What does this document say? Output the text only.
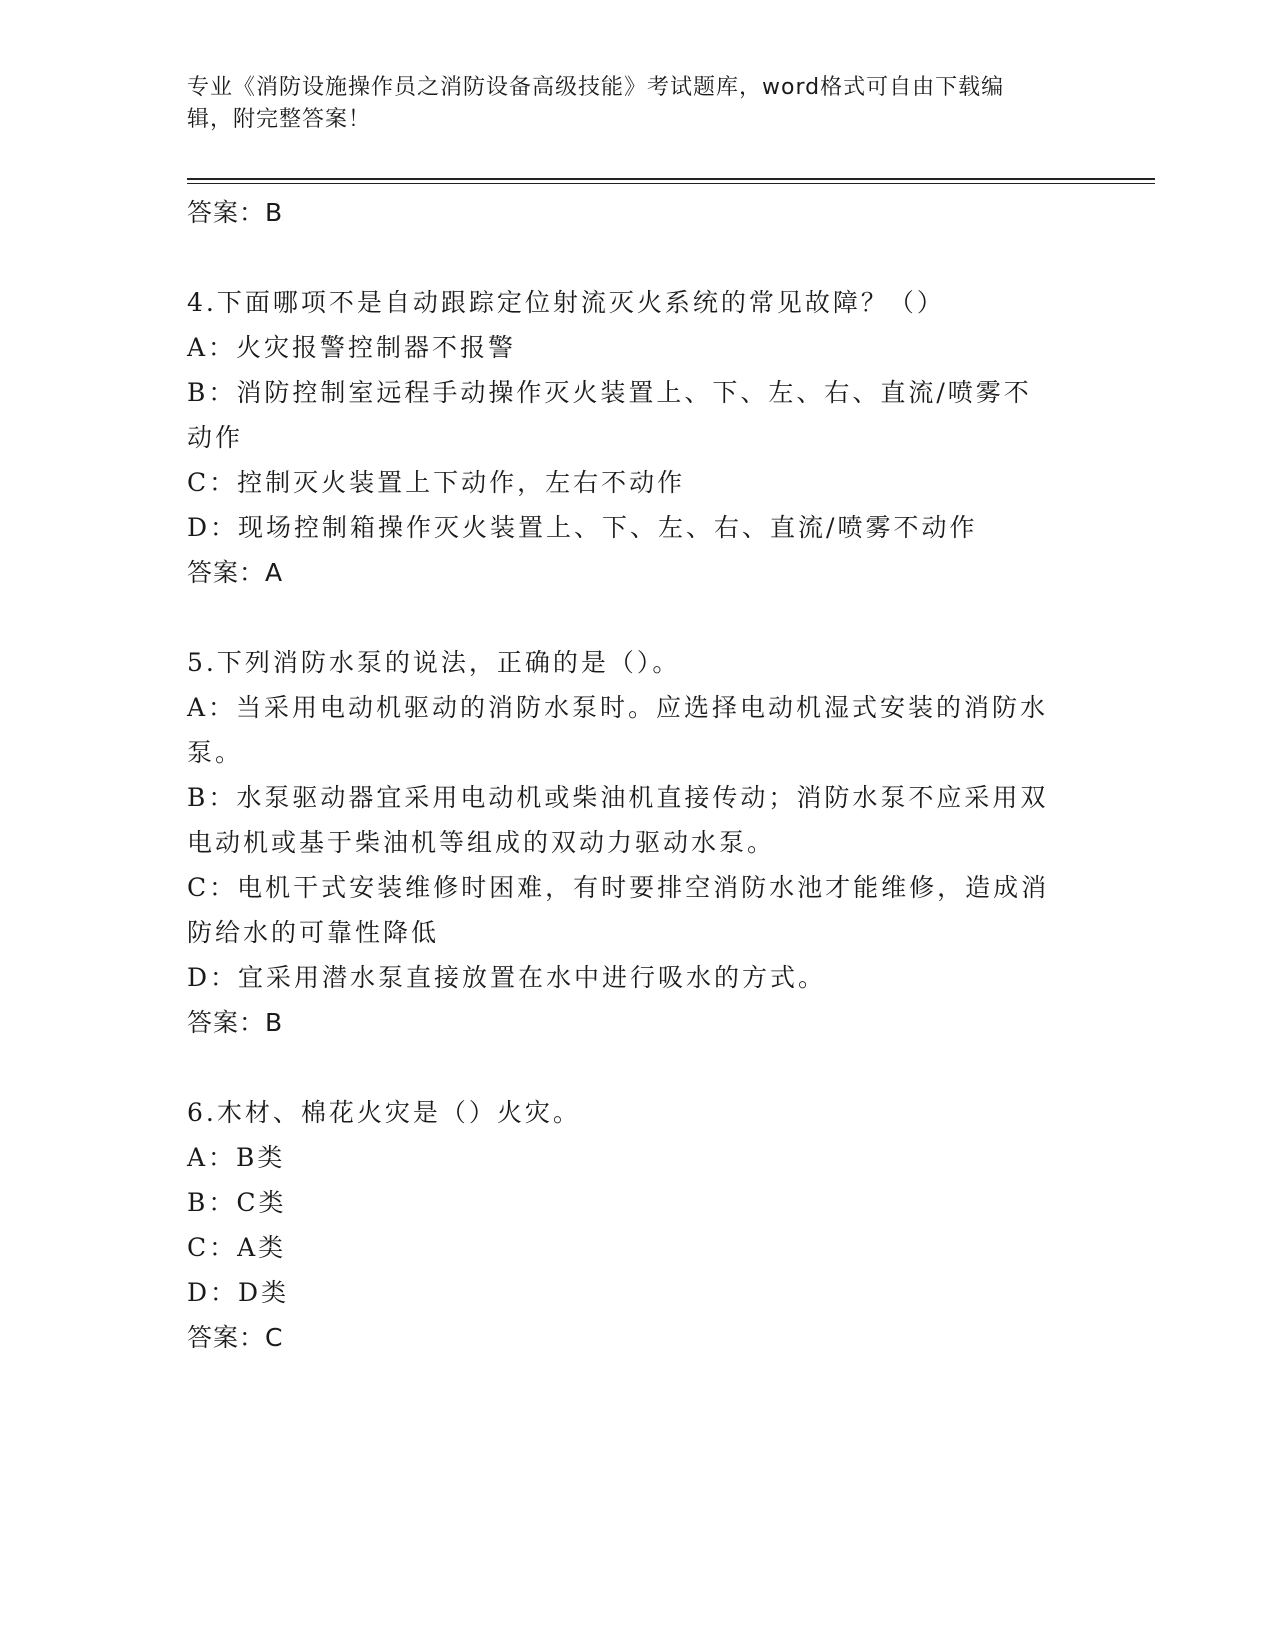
专业《消防设施操作员之消防设备高级技能》考试题库，word格式可自由下载编
辑，附完整答案！
答案：B
4.下面哪项不是自动跟踪定位射流灭火系统的常见故障？（）
A：火灾报警控制器不报警
B：消防控制室远程手动操作灭火装置上、下、左、右、直流/喷雾不
动作
C：控制灭火装置上下动作，左右不动作
D：现场控制箱操作灭火装置上、下、左、右、直流/喷雾不动作
答案：A
5.下列消防水泵的说法，正确的是（）。
A：当采用电动机驱动的消防水泵时。应选择电动机湿式安装的消防水
泵。
B：水泵驱动器宜采用电动机或柴油机直接传动；消防水泵不应采用双
电动机或基于柴油机等组成的双动力驱动水泵。
C：电机干式安装维修时困难，有时要排空消防水池才能维修，造成消
防给水的可靠性降低
D：宜采用潜水泵直接放置在水中进行吸水的方式。
答案：B
6.木材、棉花火灾是（）火灾。
A：B类
B：C类
C：A类
D：D类
答案：C
